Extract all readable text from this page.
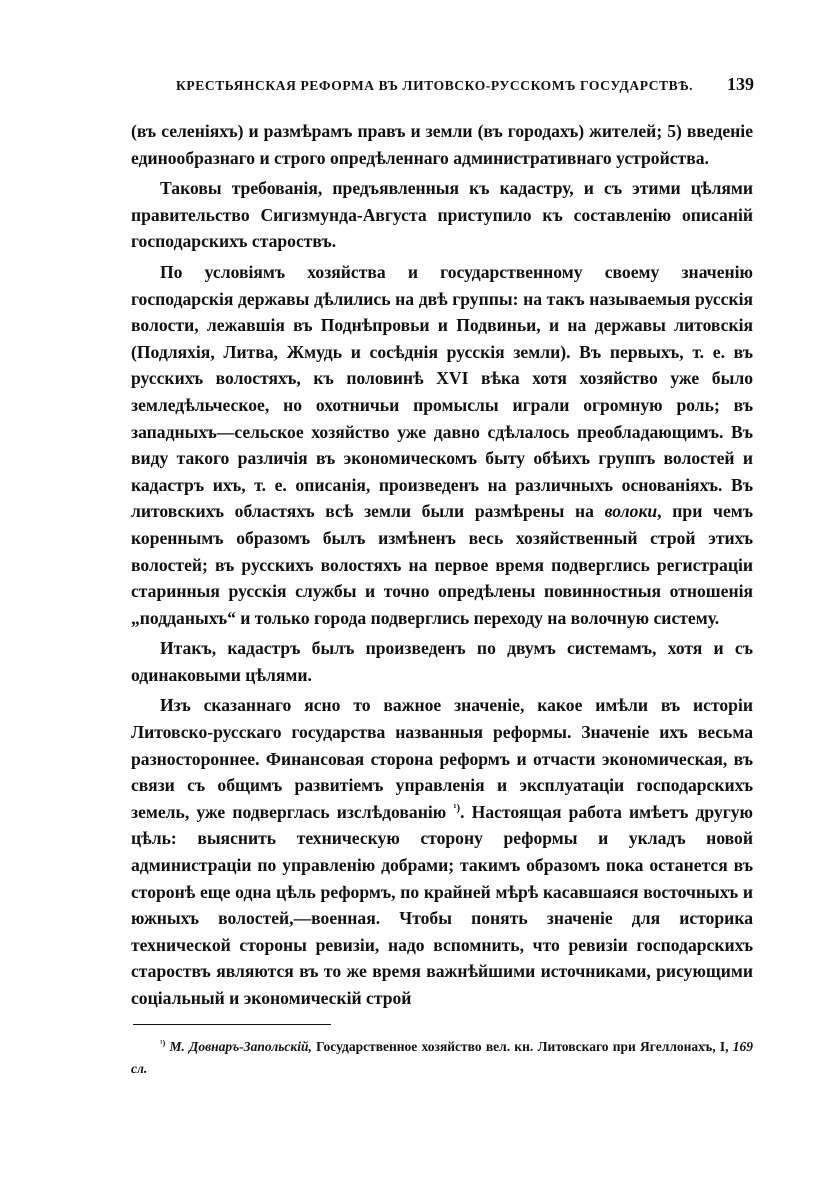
КРЕСТЬЯНСКАЯ РЕФОРМА ВЪ ЛИТОВСКО-РУССКОМЪ ГОСУДАРСТВѢ. 139

(въ селеніяхъ) и размѣрамъ правъ и земли (въ городахъ) жителей; 5) введеніе единообразнаго и строго опредѣленнаго административнаго устройства.

Таковы требованія, предъявленныя къ кадастру, и съ этими цѣлями правительство Сигизмунда-Августа приступило къ составленію описаній господарскихъ староствъ.

По условіямъ хозяйства и государственному своему значенію господарскія державы дѣлились на двѣ группы: на такъ называемыя русскія волости, лежавшія въ Поднѣпровьи и Подвиньи, и на державы литовскія (Подляхія, Литва, Жмудь и сосѣднія русскія земли). Въ первыхъ, т. е. въ русскихъ волостяхъ, къ половинѣ XVI вѣка хотя хозяйство уже было земледѣльческое, но охотничьи промыслы играли огромную роль; въ западныхъ—сельское хозяйство уже давно сдѣлалось преобладающимъ. Въ виду такого различія въ экономическомъ быту обѣихъ группъ волостей и кадастръ ихъ, т. е. описанія, произведенъ на различныхъ основаніяхъ. Въ литовскихъ областяхъ всѣ земли были размѣрены на волоки, при чемъ кореннымъ образомъ былъ измѣненъ весь хозяйственный строй этихъ волостей; въ русскихъ волостяхъ на первое время подверглись регистраціи старинныя русскія службы и точно опредѣлены повинностныя отношенія „подданыхъ“ и только города подверглись переходу на волочную систему.

Итакъ, кадастръ былъ произведенъ по двумъ системамъ, хотя и съ одинаковыми цѣлями.

Изъ сказаннаго ясно то важное значеніе, какое имѣли въ исторіи Литовско-русскаго государства названныя реформы. Значеніе ихъ весьма разностороннее. Финансовая сторона реформъ и отчасти экономическая, въ связи съ общимъ развитіемъ управленія и эксплуатаціи господарскихъ земель, уже подверглась изслѣдованію $^{^1)}$. Настоящая работа имѣетъ другую цѣль: выяснить техническую сторону реформы и укладъ новой администраціи по управленію добрами; такимъ образомъ пока останется въ сторонѣ еще одна цѣль реформъ, по крайней мѣрѣ касавшаяся восточныхъ и южныхъ волостей,—военная. Чтобы понять значеніе для историка технической стороны ревизіи, надо вспомнить, что ревизіи господарскихъ староствъ являются въ то же время важнѣйшими источниками, рисующими соціальный и экономическій строй

$^{^1)}$ М. Довнаръ-Запольскій, Государственное хозяйство вел. кн. Литовскаго при Ягеллонахъ, I, 169 сл.
